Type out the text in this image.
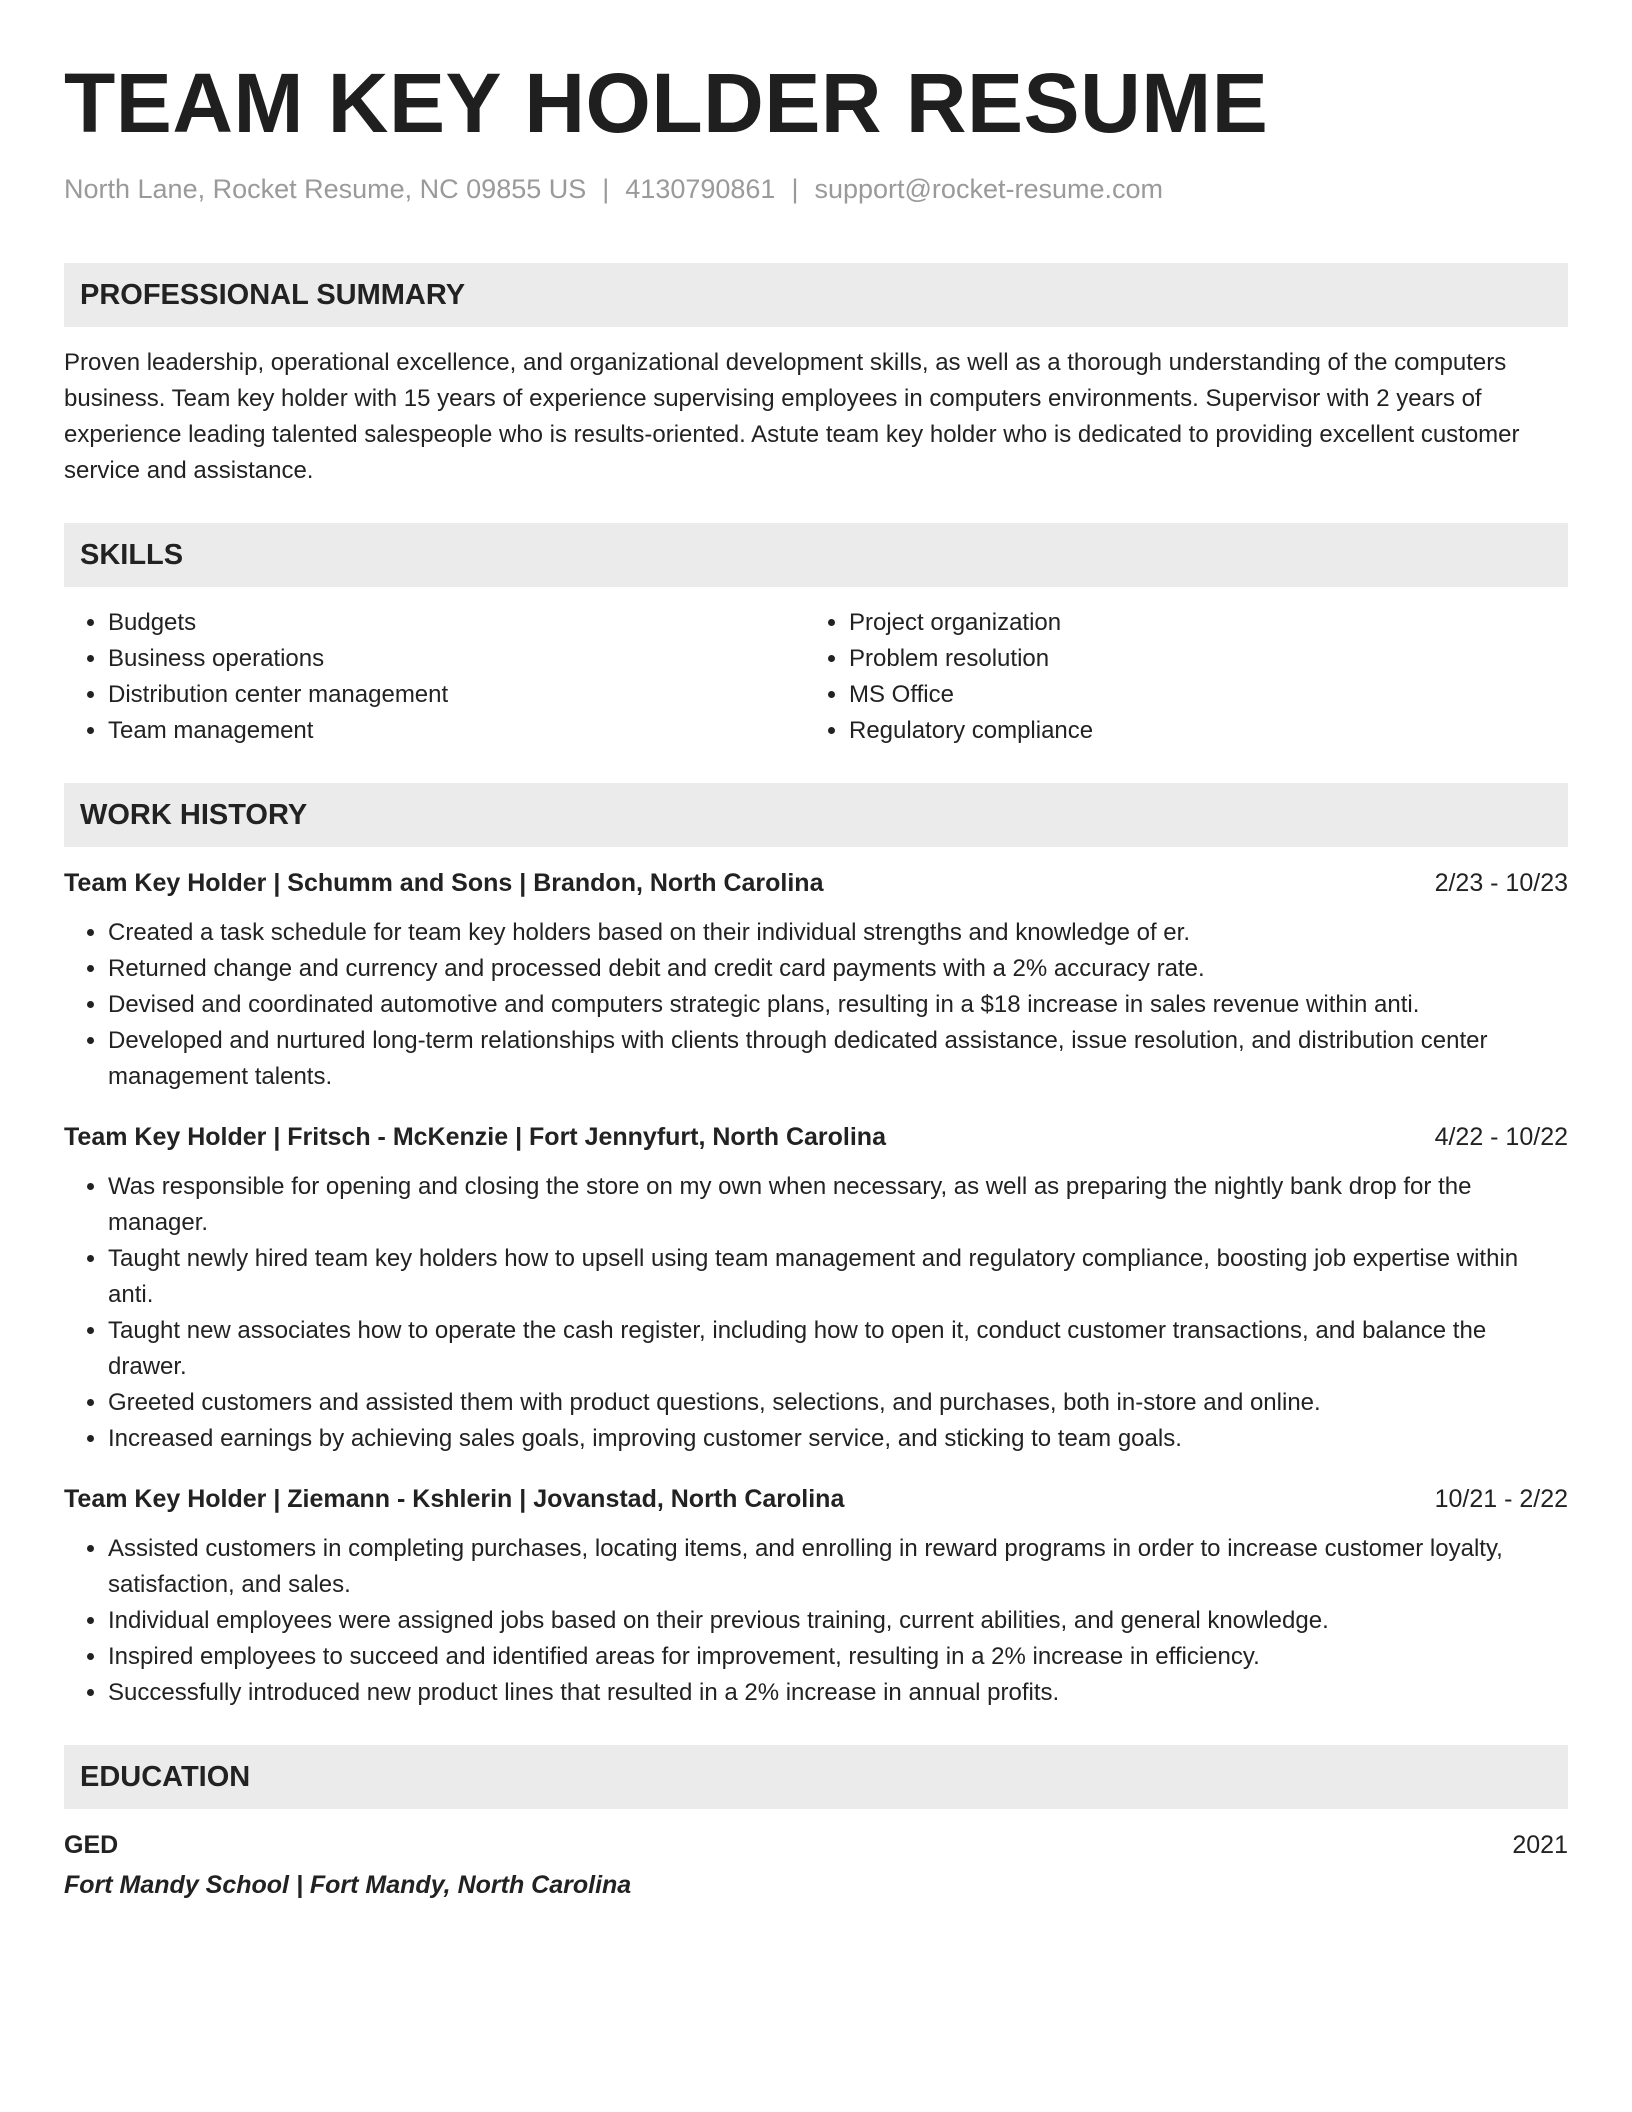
TEAM KEY HOLDER RESUME
North Lane, Rocket Resume, NC 09855 US | 4130790861 | support@rocket-resume.com
PROFESSIONAL SUMMARY
Proven leadership, operational excellence, and organizational development skills, as well as a thorough understanding of the computers business. Team key holder with 15 years of experience supervising employees in computers environments. Supervisor with 2 years of experience leading talented salespeople who is results-oriented. Astute team key holder who is dedicated to providing excellent customer service and assistance.
SKILLS
• Budgets
• Business operations
• Distribution center management
• Team management
• Project organization
• Problem resolution
• MS Office
• Regulatory compliance
WORK HISTORY
Team Key Holder | Schumm and Sons | Brandon, North Carolina	2/23 - 10/23
• Created a task schedule for team key holders based on their individual strengths and knowledge of er.
• Returned change and currency and processed debit and credit card payments with a 2% accuracy rate.
• Devised and coordinated automotive and computers strategic plans, resulting in a $18 increase in sales revenue within anti.
• Developed and nurtured long-term relationships with clients through dedicated assistance, issue resolution, and distribution center management talents.
Team Key Holder | Fritsch - McKenzie | Fort Jennyfurt, North Carolina	4/22 - 10/22
• Was responsible for opening and closing the store on my own when necessary, as well as preparing the nightly bank drop for the manager.
• Taught newly hired team key holders how to upsell using team management and regulatory compliance, boosting job expertise within anti.
• Taught new associates how to operate the cash register, including how to open it, conduct customer transactions, and balance the drawer.
• Greeted customers and assisted them with product questions, selections, and purchases, both in-store and online.
• Increased earnings by achieving sales goals, improving customer service, and sticking to team goals.
Team Key Holder | Ziemann - Kshlerin | Jovanstad, North Carolina	10/21 - 2/22
• Assisted customers in completing purchases, locating items, and enrolling in reward programs in order to increase customer loyalty, satisfaction, and sales.
• Individual employees were assigned jobs based on their previous training, current abilities, and general knowledge.
• Inspired employees to succeed and identified areas for improvement, resulting in a 2% increase in efficiency.
• Successfully introduced new product lines that resulted in a 2% increase in annual profits.
EDUCATION
GED	2021
Fort Mandy School | Fort Mandy, North Carolina
